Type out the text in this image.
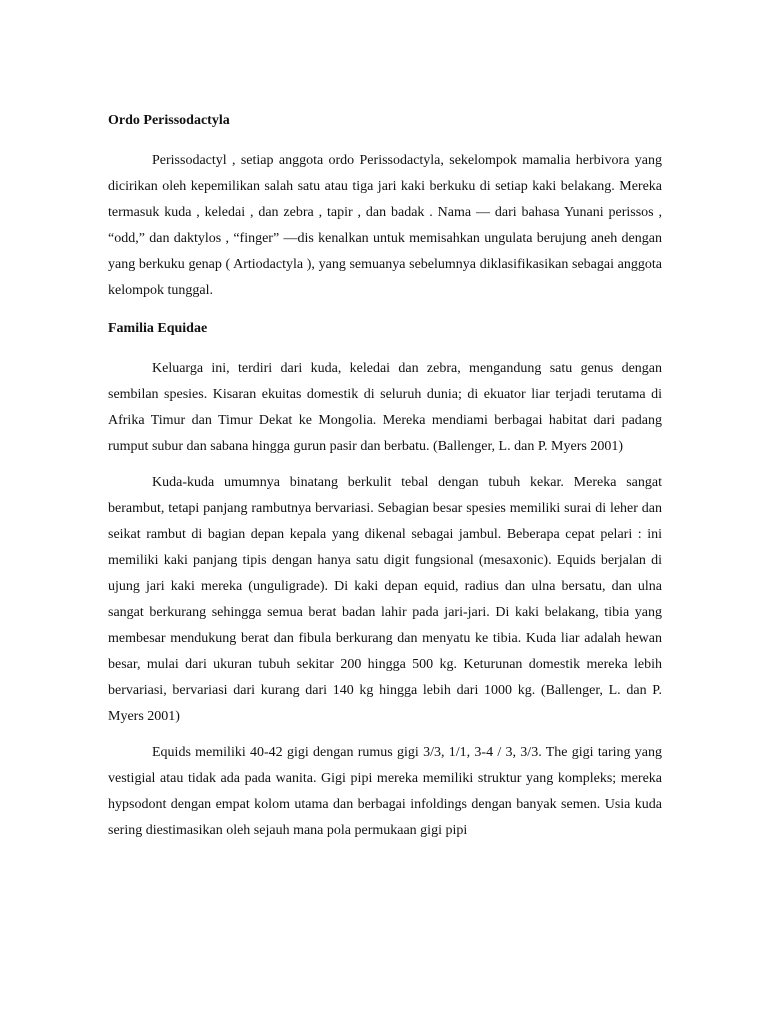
Ordo Perissodactyla

Perissodactyl , setiap anggota ordo Perissodactyla, sekelompok mamalia herbivora yang dicirikan oleh kepemilikan salah satu atau tiga jari kaki berkuku di setiap kaki belakang. Mereka termasuk kuda , keledai , dan zebra , tapir , dan badak . Nama — dari bahasa Yunani perissos , “odd,” dan daktylos , “finger” —dis kenalkan untuk memisahkan ungulata berujung aneh dengan yang berkuku genap ( Artiodactyla ), yang semuanya sebelumnya diklasifikasikan sebagai anggota kelompok tunggal.

Familia Equidae

Keluarga ini, terdiri dari kuda, keledai dan zebra, mengandung satu genus dengan sembilan spesies. Kisaran ekuitas domestik di seluruh dunia; di ekuator liar terjadi terutama di Afrika Timur dan Timur Dekat ke Mongolia. Mereka mendiami berbagai habitat dari padang rumput subur dan sabana hingga gurun pasir dan berbatu. (Ballenger, L. dan P. Myers 2001)

Kuda-kuda umumnya binatang berkulit tebal dengan tubuh kekar. Mereka sangat berambut, tetapi panjang rambutnya bervariasi. Sebagian besar spesies memiliki surai di leher dan seikat rambut di bagian depan kepala yang dikenal sebagai jambul. Beberapa cepat pelari : ini memiliki kaki panjang tipis dengan hanya satu digit fungsional (mesaxonic). Equids berjalan di ujung jari kaki mereka (unguligrade). Di kaki depan equid, radius dan ulna bersatu, dan ulna sangat berkurang sehingga semua berat badan lahir pada jari-jari. Di kaki belakang, tibia yang membesar mendukung berat dan fibula berkurang dan menyatu ke tibia. Kuda liar adalah hewan besar, mulai dari ukuran tubuh sekitar 200 hingga 500 kg. Keturunan domestik mereka lebih bervariasi, bervariasi dari kurang dari 140 kg hingga lebih dari 1000 kg. (Ballenger, L. dan P. Myers 2001)

Equids memiliki 40-42 gigi dengan rumus gigi 3/3, 1/1, 3-4 / 3, 3/3. The gigi taring yang vestigial atau tidak ada pada wanita. Gigi pipi mereka memiliki struktur yang kompleks; mereka hypsodont dengan empat kolom utama dan berbagai infoldings dengan banyak semen. Usia kuda sering diestimasikan oleh sejauh mana pola permukaan gigi pipi
